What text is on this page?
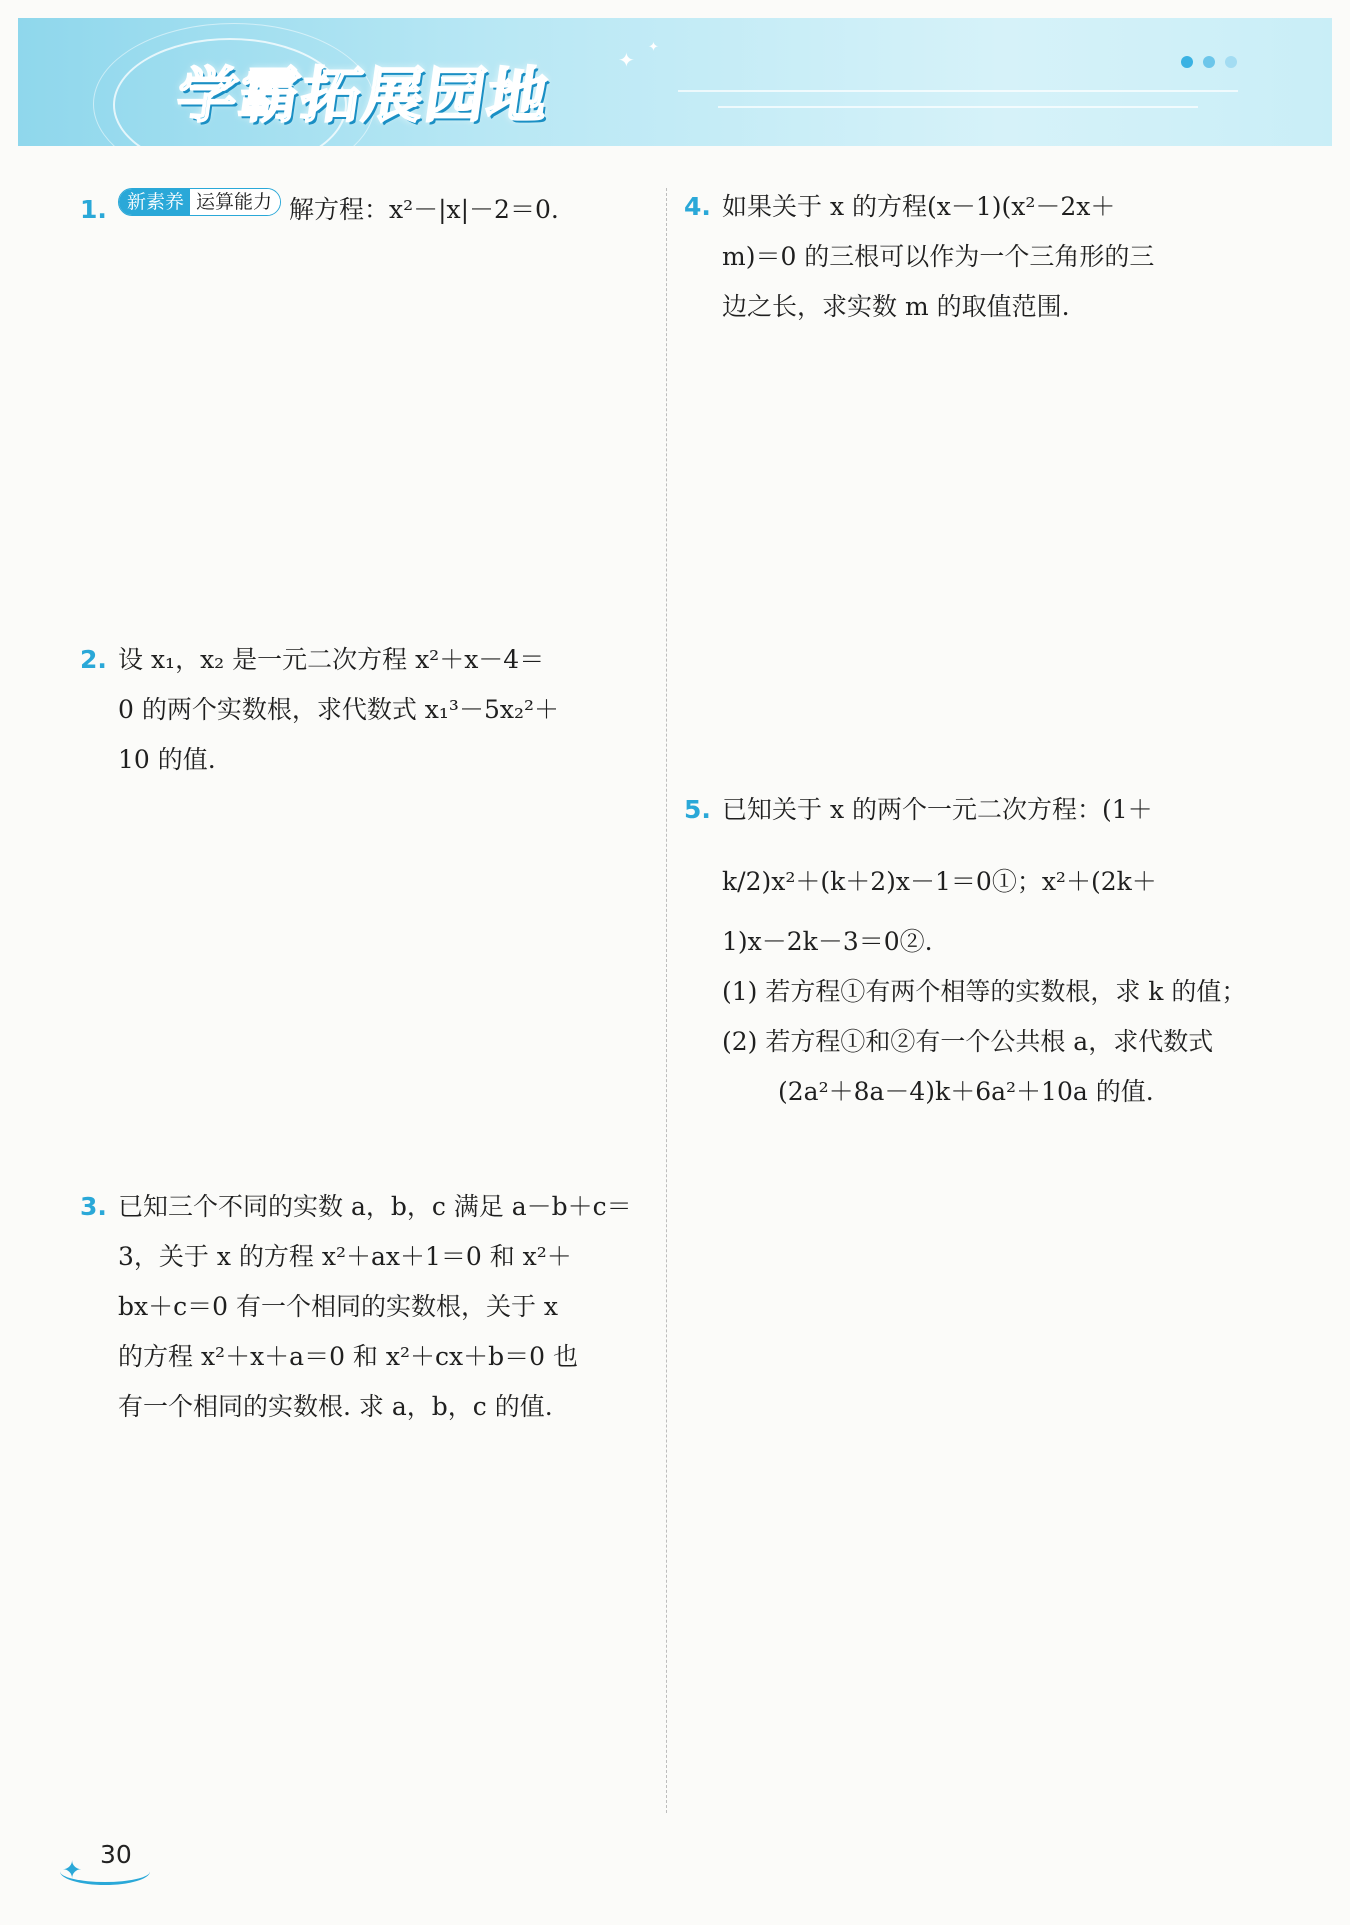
✦
✦
学霸拓展园地
1. 新素养 运算能力 解方程：x²－|x|－2＝0.
2. 设 x₁，x₂ 是一元二次方程 x²＋x－4＝
0 的两个实数根，求代数式 x₁³－5x₂²＋
10 的值.
3. 已知三个不同的实数 a，b，c 满足 a－b＋c＝
3，关于 x 的方程 x²＋ax＋1＝0 和 x²＋
bx＋c＝0 有一个相同的实数根，关于 x
的方程 x²＋x＋a＝0 和 x²＋cx＋b＝0 也
有一个相同的实数根. 求 a，b，c 的值.
4. 如果关于 x 的方程(x－1)(x²－2x＋
m)＝0 的三根可以作为一个三角形的三
边之长，求实数 m 的取值范围.
5. 已知关于 x 的两个一元二次方程：(1＋
k/2)x²＋(k＋2)x－1＝0①；x²＋(2k＋
1)x－2k－3＝0②.
(1) 若方程①有两个相等的实数根，求 k 的值；
(2) 若方程①和②有一个公共根 a，求代数式(2a²＋8a－4)k＋6a²＋10a 的值.
✦
30
